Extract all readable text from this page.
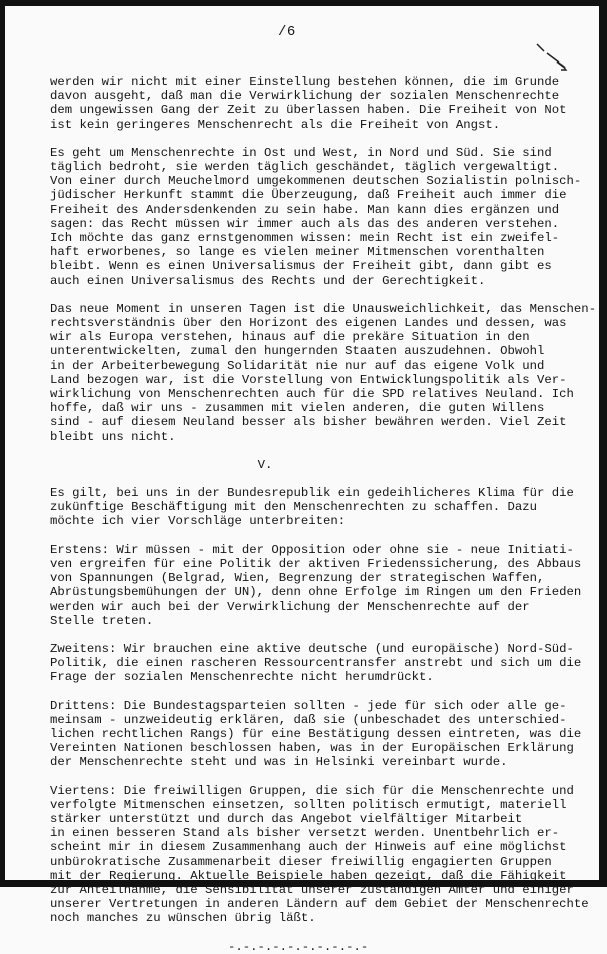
/6

werden wir nicht mit einer Einstellung bestehen können, die im Grunde
davon ausgeht, daß man die Verwirklichung der sozialen Menschenrechte
dem ungewissen Gang der Zeit zu überlassen haben. Die Freiheit von Not
ist kein geringeres Menschenrecht als die Freiheit von Angst.

Es geht um Menschenrechte in Ost und West, in Nord und Süd. Sie sind
täglich bedroht, sie werden täglich geschändet, täglich vergewaltigt.
Von einer durch Meuchelmord umgekommenen deutschen Sozialistin polnisch-
jüdischer Herkunft stammt die Überzeugung, daß Freiheit auch immer die
Freiheit des Andersdenkenden zu sein habe. Man kann dies ergänzen und
sagen: das Recht müssen wir immer auch als das des anderen verstehen.
Ich möchte das ganz ernstgenommen wissen: mein Recht ist ein zweifel-
haft erworbenes, so lange es vielen meiner Mitmenschen vorenthalten
bleibt. Wenn es einen Universalismus der Freiheit gibt, dann gibt es
auch einen Universalismus des Rechts und der Gerechtigkeit.

Das neue Moment in unseren Tagen ist die Unausweichlichkeit, das Menschen-
rechtsverständnis über den Horizont des eigenen Landes und dessen, was
wir als Europa verstehen, hinaus auf die prekäre Situation in den
unterentwickelten, zumal den hungernden Staaten auszudehnen. Obwohl
in der Arbeiterbewegung Solidarität nie nur auf das eigene Volk und
Land bezogen war, ist die Vorstellung von Entwicklungspolitik als Ver-
wirklichung von Menschenrechten auch für die SPD relatives Neuland. Ich
hoffe, daß wir uns - zusammen mit vielen anderen, die guten Willens
sind - auf diesem Neuland besser als bisher bewähren werden. Viel Zeit
bleibt uns nicht.

V.

Es gilt, bei uns in der Bundesrepublik ein gedeihlicheres Klima für die
zukünftige Beschäftigung mit den Menschenrechten zu schaffen. Dazu
möchte ich vier Vorschläge unterbreiten:

Erstens: Wir müssen - mit der Opposition oder ohne sie - neue Initiati-
ven ergreifen für eine Politik der aktiven Friedenssicherung, des Abbaus
von Spannungen (Belgrad, Wien, Begrenzung der strategischen Waffen,
Abrüstungsbemühungen der UN), denn ohne Erfolge im Ringen um den Frieden
werden wir auch bei der Verwirklichung der Menschenrechte auf der
Stelle treten.

Zweitens: Wir brauchen eine aktive deutsche (und europäische) Nord-Süd-
Politik, die einen rascheren Ressourcentransfer anstrebt und sich um die
Frage der sozialen Menschenrechte nicht herumdrückt.

Drittens: Die Bundestagsparteien sollten - jede für sich oder alle ge-
meinsam - unzweideutig erklären, daß sie (unbeschadet des unterschied-
lichen rechtlichen Rangs) für eine Bestätigung dessen eintreten, was die
Vereinten Nationen beschlossen haben, was in der Europäischen Erklärung
der Menschenrechte steht und was in Helsinki vereinbart wurde.

Viertens: Die freiwilligen Gruppen, die sich für die Menschenrechte und
verfolgte Mitmenschen einsetzen, sollten politisch ermutigt, materiell
stärker unterstützt und durch das Angebot vielfältiger Mitarbeit
in einen besseren Stand als bisher versetzt werden. Unentbehrlich er-
scheint mir in diesem Zusammenhang auch der Hinweis auf eine möglichst
unbürokratische Zusammenarbeit dieser freiwillig engagierten Gruppen
mit der Regierung. Aktuelle Beispiele haben gezeigt, daß die Fähigkeit
zur Anteilnahme, die Sensibilität unserer zuständigen Ämter und einiger
unserer Vertretungen in anderen Ländern auf dem Gebiet der Menschenrechte
noch manches zu wünschen übrig läßt.

-.-.-.-.-.-.-.-.-.-
